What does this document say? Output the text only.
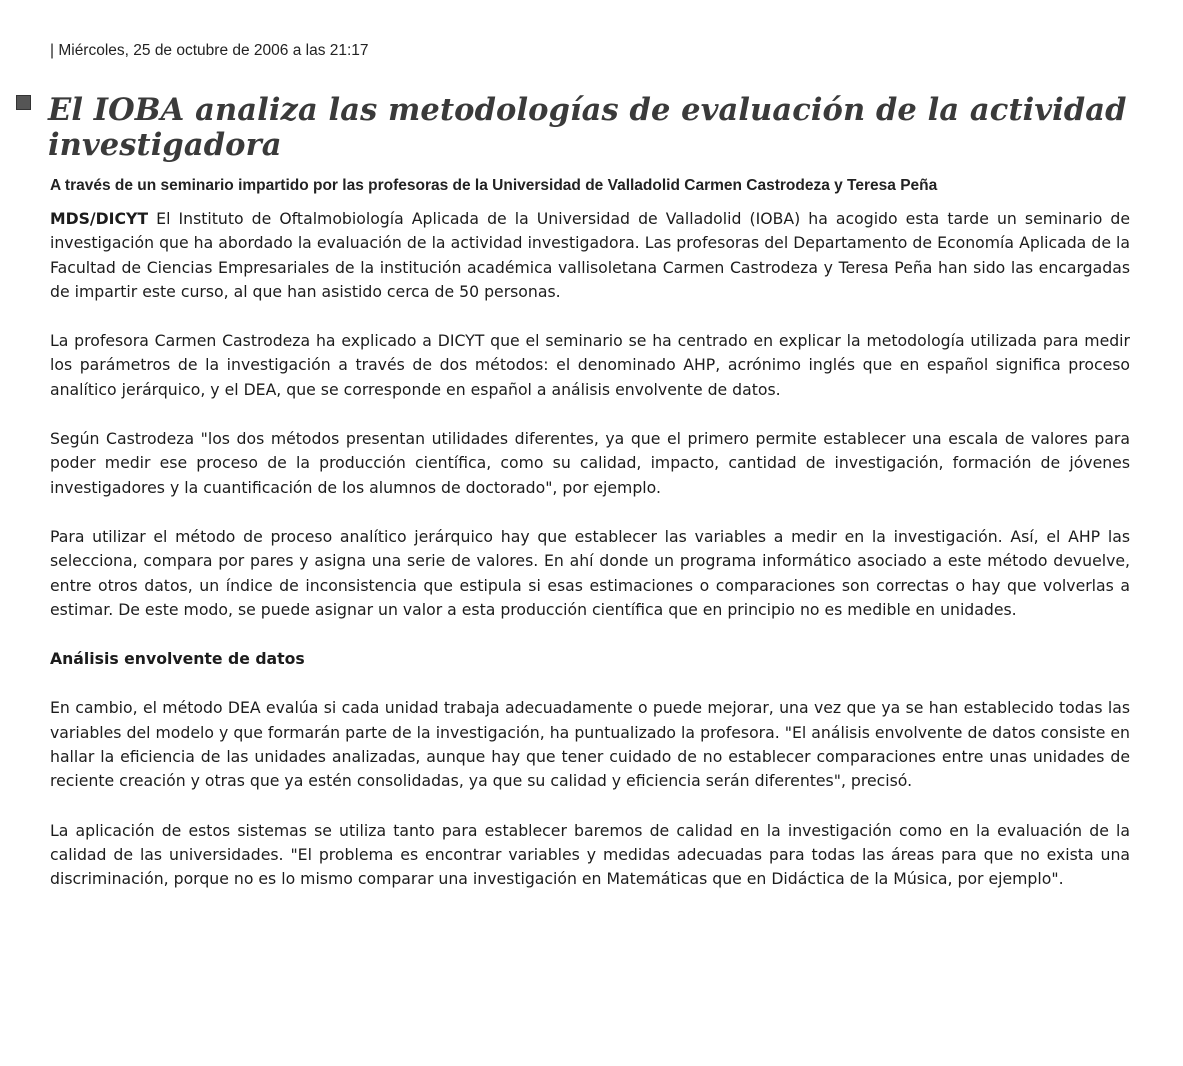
| Miércoles, 25 de octubre de 2006 a las 21:17
El IOBA analiza las metodologías de evaluación de la actividad investigadora
A través de un seminario impartido por las profesoras de la Universidad de Valladolid Carmen Castrodeza y Teresa Peña

MDS/DICYT El Instituto de Oftalmobiología Aplicada de la Universidad de Valladolid (IOBA) ha acogido esta tarde un seminario de investigación que ha abordado la evaluación de la actividad investigadora. Las profesoras del Departamento de Economía Aplicada de la Facultad de Ciencias Empresariales de la institución académica vallisoletana Carmen Castrodeza y Teresa Peña han sido las encargadas de impartir este curso, al que han asistido cerca de 50 personas.

La profesora Carmen Castrodeza ha explicado a DICYT que el seminario se ha centrado en explicar la metodología utilizada para medir los parámetros de la investigación a través de dos métodos: el denominado AHP, acrónimo inglés que en español significa proceso analítico jerárquico, y el DEA, que se corresponde en español a análisis envolvente de datos.

Según Castrodeza "los dos métodos presentan utilidades diferentes, ya que el primero permite establecer una escala de valores para poder medir ese proceso de la producción científica, como su calidad, impacto, cantidad de investigación, formación de jóvenes investigadores y la cuantificación de los alumnos de doctorado", por ejemplo.

Para utilizar el método de proceso analítico jerárquico hay que establecer las variables a medir en la investigación. Así, el AHP las selecciona, compara por pares y asigna una serie de valores. En ahí donde un programa informático asociado a este método devuelve, entre otros datos, un índice de inconsistencia que estipula si esas estimaciones o comparaciones son correctas o hay que volverlas a estimar. De este modo, se puede asignar un valor a esta producción científica que en principio no es medible en unidades.

Análisis envolvente de datos

En cambio, el método DEA evalúa si cada unidad trabaja adecuadamente o puede mejorar, una vez que ya se han establecido todas las variables del modelo y que formarán parte de la investigación, ha puntualizado la profesora. "El análisis envolvente de datos consiste en hallar la eficiencia de las unidades analizadas, aunque hay que tener cuidado de no establecer comparaciones entre unas unidades de reciente creación y otras que ya estén consolidadas, ya que su calidad y eficiencia serán diferentes", precisó.

La aplicación de estos sistemas se utiliza tanto para establecer baremos de calidad en la investigación como en la evaluación de la calidad de las universidades. "El problema es encontrar variables y medidas adecuadas para todas las áreas para que no exista una discriminación, porque no es lo mismo comparar una investigación en Matemáticas que en Didáctica de la Música, por ejemplo".
